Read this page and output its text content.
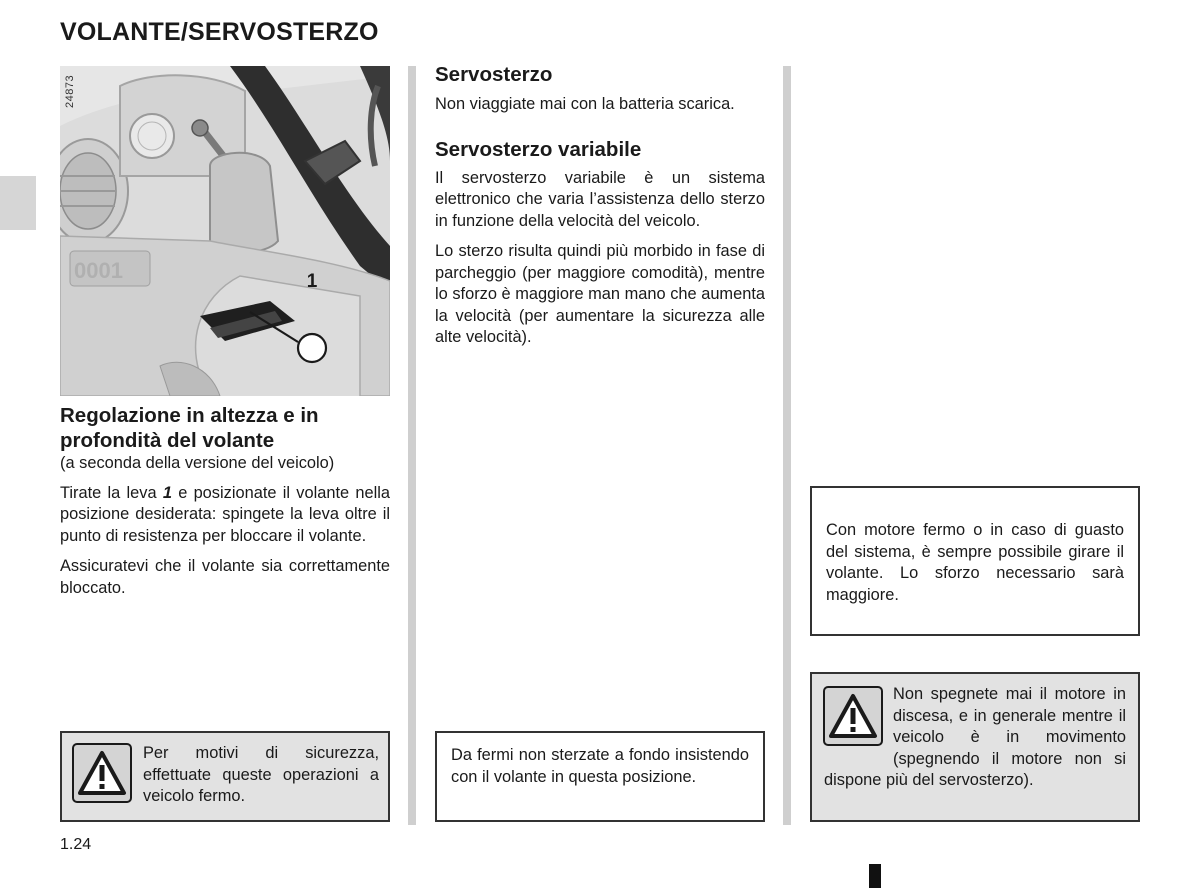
VOLANTE/SERVOSTERZO
0001	1
24873
Regolazione in altezza e in
profondità del volante

(a seconda della versione del veicolo)

Tirate la leva 1 e posizionate il volante nella posizione desiderata: spingete la leva oltre il punto di resistenza per bloccare il volante.

Assicuratevi che il volante sia correttamente bloccato.

Per motivi di sicurezza, effettuate queste operazioni a veicolo fermo.
1.24
Servosterzo

Non viaggiate mai con la batteria scarica.

Servosterzo variabile

Il servosterzo variabile è un sistema elettronico che varia l’assistenza dello sterzo in funzione della velocità del veicolo.

Lo sterzo risulta quindi più morbido in fase di parcheggio (per maggiore comodità), mentre lo sforzo è maggiore man mano che aumenta la velocità (per aumentare la sicurezza alle alte velocità).

Da fermi non sterzate a fondo insistendo con il volante in questa posizione.
Con motore fermo o in caso di guasto del sistema, è sempre possibile girare il volante. Lo sforzo necessario sarà maggiore.
Non spegnete mai il motore in discesa, e in generale mentre il veicolo è in movimento (spegnendo il motore non si dispone più del servosterzo).
